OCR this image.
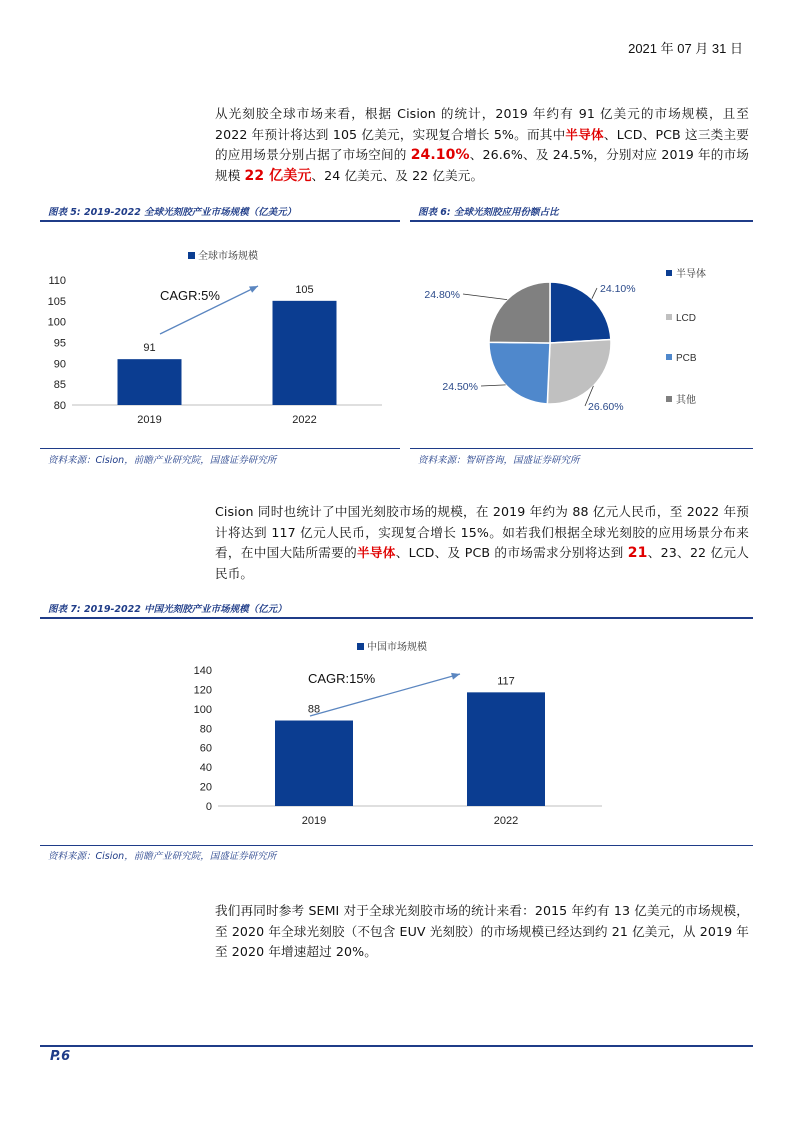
2021 年 07 月 31 日
从光刻胶全球市场来看，根据 Cision 的统计，2019 年约有 91 亿美元的市场规模，且至 2022 年预计将达到 105 亿美元，实现复合增长 5%。而其中半导体、LCD、PCB 这三类主要的应用场景分别占据了市场空间的 24.10%、26.6%、及 24.5%，分别对应 2019 年的市场规模 22 亿美元、24 亿美元、及 22 亿美元。
图表 5: 2019-2022 全球光刻胶产业市场规模（亿美元）	图表 6: 全球光刻胶应用份额占比
全球市场规模
110
105
100
95
90
85
80
91
2019
105
2022
CAGR:5%	24.10%
26.60%
24.50%
24.80%
半导体
LCD
PCB
其他
资料来源：Cision，前瞻产业研究院，国盛证券研究所	资料来源：智研咨询，国盛证券研究所
Cision 同时也统计了中国光刻胶市场的规模，在 2019 年约为 88 亿元人民币，至 2022 年预计将达到 117 亿元人民币，实现复合增长 15%。如若我们根据全球光刻胶的应用场景分布来看，在中国大陆所需要的半导体、LCD、及 PCB 的市场需求分别将达到 21、23、22 亿元人民币。
图表 7: 2019-2022 中国光刻胶产业市场规模（亿元）
中国市场规模
140
120
100
80
60
40
20
0
88
2019
117
2022
CAGR:15%
资料来源：Cision，前瞻产业研究院，国盛证券研究所
我们再同时参考 SEMI 对于全球光刻胶市场的统计来看：2015 年约有 13 亿美元的市场规模，至 2020 年全球光刻胶（不包含 EUV 光刻胶）的市场规模已经达到约 21 亿美元，从 2019 年至 2020 年增速超过 20%。
P.6
